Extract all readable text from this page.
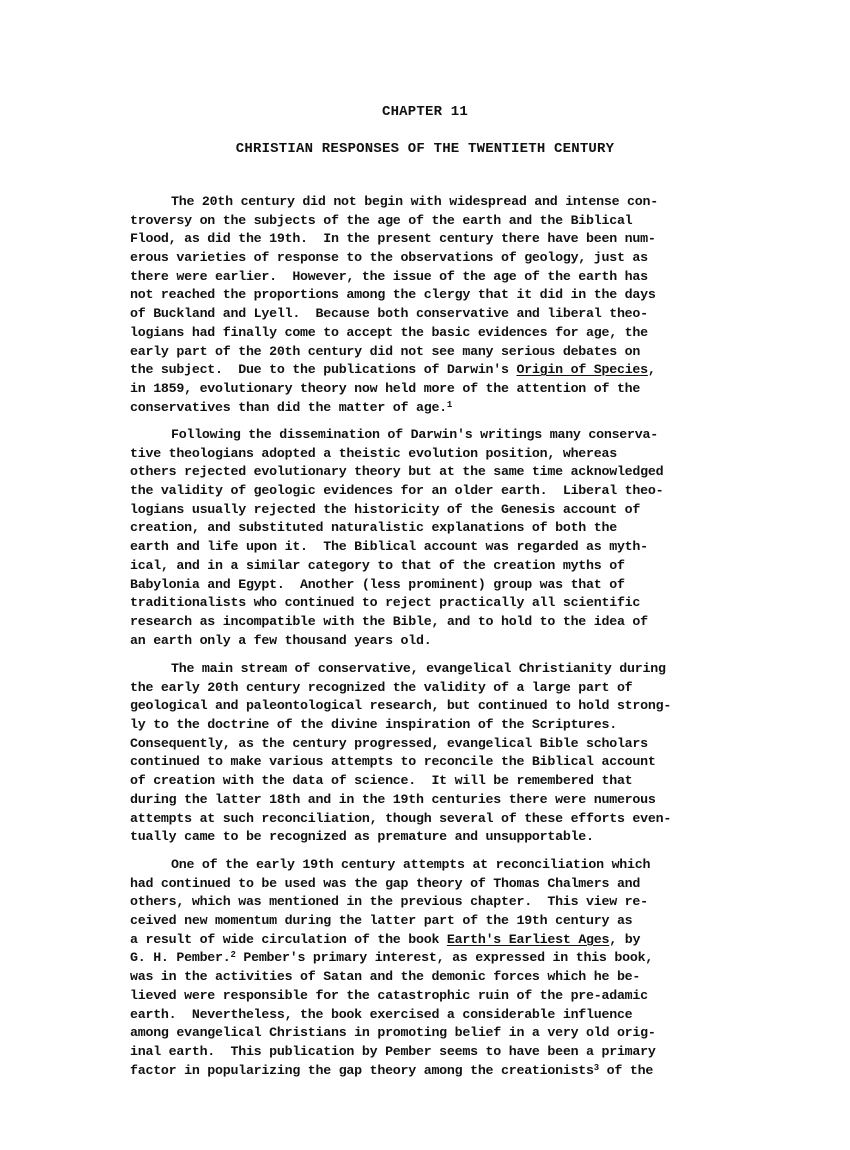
CHAPTER 11
CHRISTIAN RESPONSES OF THE TWENTIETH CENTURY
The 20th century did not begin with widespread and intense con-
troversy on the subjects of the age of the earth and the Biblical
Flood, as did the 19th.  In the present century there have been num-
erous varieties of response to the observations of geology, just as
there were earlier.  However, the issue of the age of the earth has
not reached the proportions among the clergy that it did in the days
of Buckland and Lyell.  Because both conservative and liberal theo-
logians had finally come to accept the basic evidences for age, the
early part of the 20th century did not see many serious debates on
the subject.  Due to the publications of Darwin's Origin of Species,
in 1859, evolutionary theory now held more of the attention of the
conservatives than did the matter of age.$^1$
Following the dissemination of Darwin's writings many conserva-
tive theologians adopted a theistic evolution position, whereas
others rejected evolutionary theory but at the same time acknowledged
the validity of geologic evidences for an older earth.  Liberal theo-
logians usually rejected the historicity of the Genesis account of
creation, and substituted naturalistic explanations of both the
earth and life upon it.  The Biblical account was regarded as myth-
ical, and in a similar category to that of the creation myths of
Babylonia and Egypt.  Another (less prominent) group was that of
traditionalists who continued to reject practically all scientific
research as incompatible with the Bible, and to hold to the idea of
an earth only a few thousand years old.
The main stream of conservative, evangelical Christianity during
the early 20th century recognized the validity of a large part of
geological and paleontological research, but continued to hold strong-
ly to the doctrine of the divine inspiration of the Scriptures.
Consequently, as the century progressed, evangelical Bible scholars
continued to make various attempts to reconcile the Biblical account
of creation with the data of science.  It will be remembered that
during the latter 18th and in the 19th centuries there were numerous
attempts at such reconciliation, though several of these efforts even-
tually came to be recognized as premature and unsupportable.
One of the early 19th century attempts at reconciliation which
had continued to be used was the gap theory of Thomas Chalmers and
others, which was mentioned in the previous chapter.  This view re-
ceived new momentum during the latter part of the 19th century as
a result of wide circulation of the book Earth's Earliest Ages, by
G. H. Pember.$^2$ Pember's primary interest, as expressed in this book,
was in the activities of Satan and the demonic forces which he be-
lieved were responsible for the catastrophic ruin of the pre-adamic
earth.  Nevertheless, the book exercised a considerable influence
among evangelical Christians in promoting belief in a very old orig-
inal earth.  This publication by Pember seems to have been a primary
factor in popularizing the gap theory among the creationists$^3$ of the
